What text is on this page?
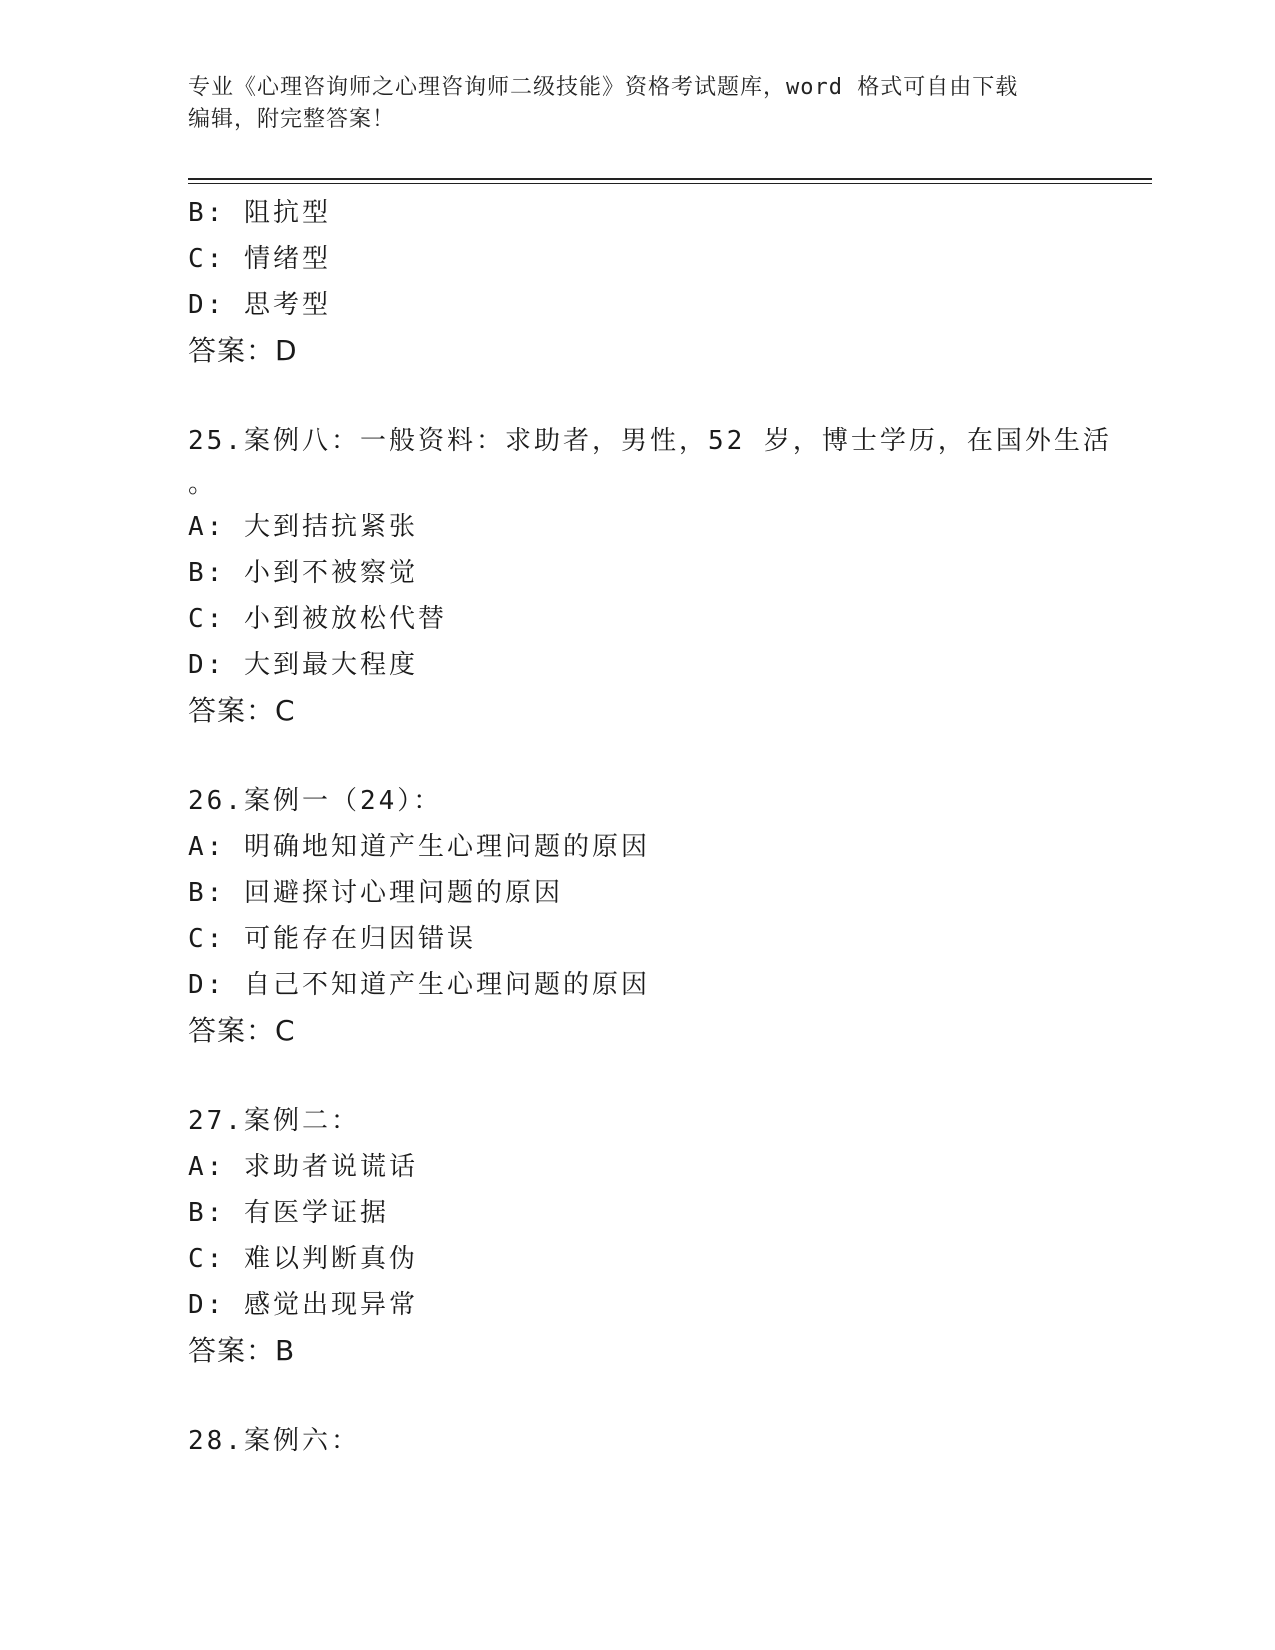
专业《心理咨询师之心理咨询师二级技能》资格考试题库，word 格式可自由下载
编辑，附完整答案！
B: 阻抗型
C: 情绪型
D: 思考型
答案：D
25.案例八：一般资料：求助者，男性，52 岁，博士学历，在国外生活
。
A: 大到拮抗紧张
B: 小到不被察觉
C: 小到被放松代替
D: 大到最大程度
答案：C
26.案例一（24）：
A: 明确地知道产生心理问题的原因
B: 回避探讨心理问题的原因
C: 可能存在归因错误
D: 自己不知道产生心理问题的原因
答案：C
27.案例二：
A: 求助者说谎话
B: 有医学证据
C: 难以判断真伪
D: 感觉出现异常
答案：B
28.案例六：
